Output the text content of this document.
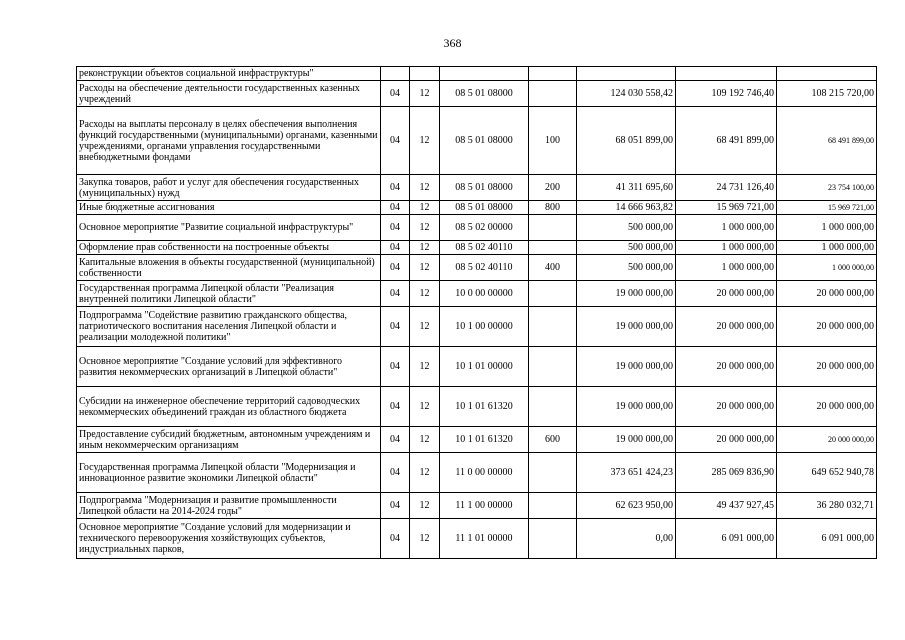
368
реконструкции объектов социальной инфраструктуры"							
Расходы на обеспечение деятельности государственных казенных учреждений	04	12	08 5 01 08000		124 030 558,42	109 192 746,40	108 215 720,00
Расходы на выплаты персоналу в целях обеспечения выполнения функций государственными (муниципальными) органами, казенными учреждениями, органами управления государственными внебюджетными фондами	04	12	08 5 01 08000	100	68 051 899,00	68 491 899,00	68 491 899,00
Закупка товаров, работ и услуг для обеспечения государственных (муниципальных) нужд	04	12	08 5 01 08000	200	41 311 695,60	24 731 126,40	23 754 100,00
Иные бюджетные ассигнования	04	12	08 5 01 08000	800	14 666 963,82	15 969 721,00	15 969 721,00
Основное мероприятие "Развитие социальной инфраструктуры"	04	12	08 5 02 00000		500 000,00	1 000 000,00	1 000 000,00
Оформление прав собственности на построенные объекты	04	12	08 5 02 40110		500 000,00	1 000 000,00	1 000 000,00
Капитальные вложения в объекты государственной (муниципальной) собственности	04	12	08 5 02 40110	400	500 000,00	1 000 000,00	1 000 000,00
Государственная программа Липецкой области "Реализация внутренней политики Липецкой области"	04	12	10 0 00 00000		19 000 000,00	20 000 000,00	20 000 000,00
Подпрограмма "Содействие развитию гражданского общества, патриотического воспитания населения Липецкой области и реализации молодежной политики"	04	12	10 1 00 00000		19 000 000,00	20 000 000,00	20 000 000,00
Основное мероприятие "Создание условий для эффективного развития некоммерческих организаций в Липецкой области"	04	12	10 1 01 00000		19 000 000,00	20 000 000,00	20 000 000,00
Субсидии на инженерное обеспечение территорий садоводческих некоммерческих объединений граждан из областного бюджета	04	12	10 1 01 61320		19 000 000,00	20 000 000,00	20 000 000,00
Предоставление субсидий бюджетным, автономным учреждениям и иным некоммерческим организациям	04	12	10 1 01 61320	600	19 000 000,00	20 000 000,00	20 000 000,00
Государственная программа Липецкой области "Модернизация и инновационное развитие экономики Липецкой области"	04	12	11 0 00 00000		373 651 424,23	285 069 836,90	649 652 940,78
Подпрограмма "Модернизация и развитие промышленности Липецкой области на 2014-2024 годы"	04	12	11 1 00 00000		62 623 950,00	49 437 927,45	36 280 032,71
Основное мероприятие "Создание условий для модернизации и технического перевооружения хозяйствующих субъектов, индустриальных парков,	04	12	11 1 01 00000		0,00	6 091 000,00	6 091 000,00
